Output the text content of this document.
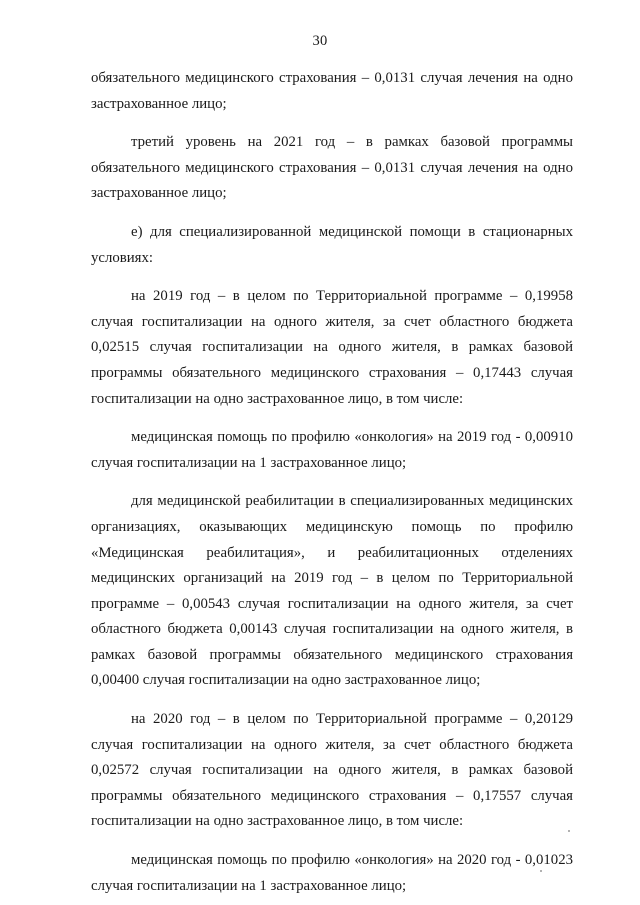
30

обязательного медицинского страхования – 0,0131 случая лечения на одно застрахованное лицо;

третий уровень на 2021 год – в рамках базовой программы обязательного медицинского страхования – 0,0131 случая лечения на одно застрахованное лицо;

е) для специализированной медицинской помощи в стационарных условиях:

на 2019 год – в целом по Территориальной программе – 0,19958 случая госпитализации на одного жителя, за счет областного бюджета 0,02515 случая госпитализации на одного жителя, в рамках базовой программы обязательного медицинского страхования – 0,17443 случая госпитализации на одно застрахованное лицо, в том числе:

медицинская помощь по профилю «онкология» на 2019 год - 0,00910 случая госпитализации на 1 застрахованное лицо;

для медицинской реабилитации в специализированных медицинских организациях, оказывающих медицинскую помощь по профилю «Медицинская реабилитация», и реабилитационных отделениях медицинских организаций на 2019 год – в целом по Территориальной программе – 0,00543 случая госпитализации на одного жителя, за счет областного бюджета 0,00143 случая госпитализации на одного жителя, в рамках базовой программы обязательного медицинского страхования 0,00400 случая госпитализации на одно застрахованное лицо;

на 2020 год – в целом по Территориальной программе – 0,20129 случая госпитализации на одного жителя, за счет областного бюджета 0,02572 случая госпитализации на одного жителя, в рамках базовой программы обязательного медицинского страхования – 0,17557 случая госпитализации на одно застрахованное лицо, в том числе:

медицинская помощь по профилю «онкология» на 2020 год - 0,01023 случая госпитализации на 1 застрахованное лицо;
